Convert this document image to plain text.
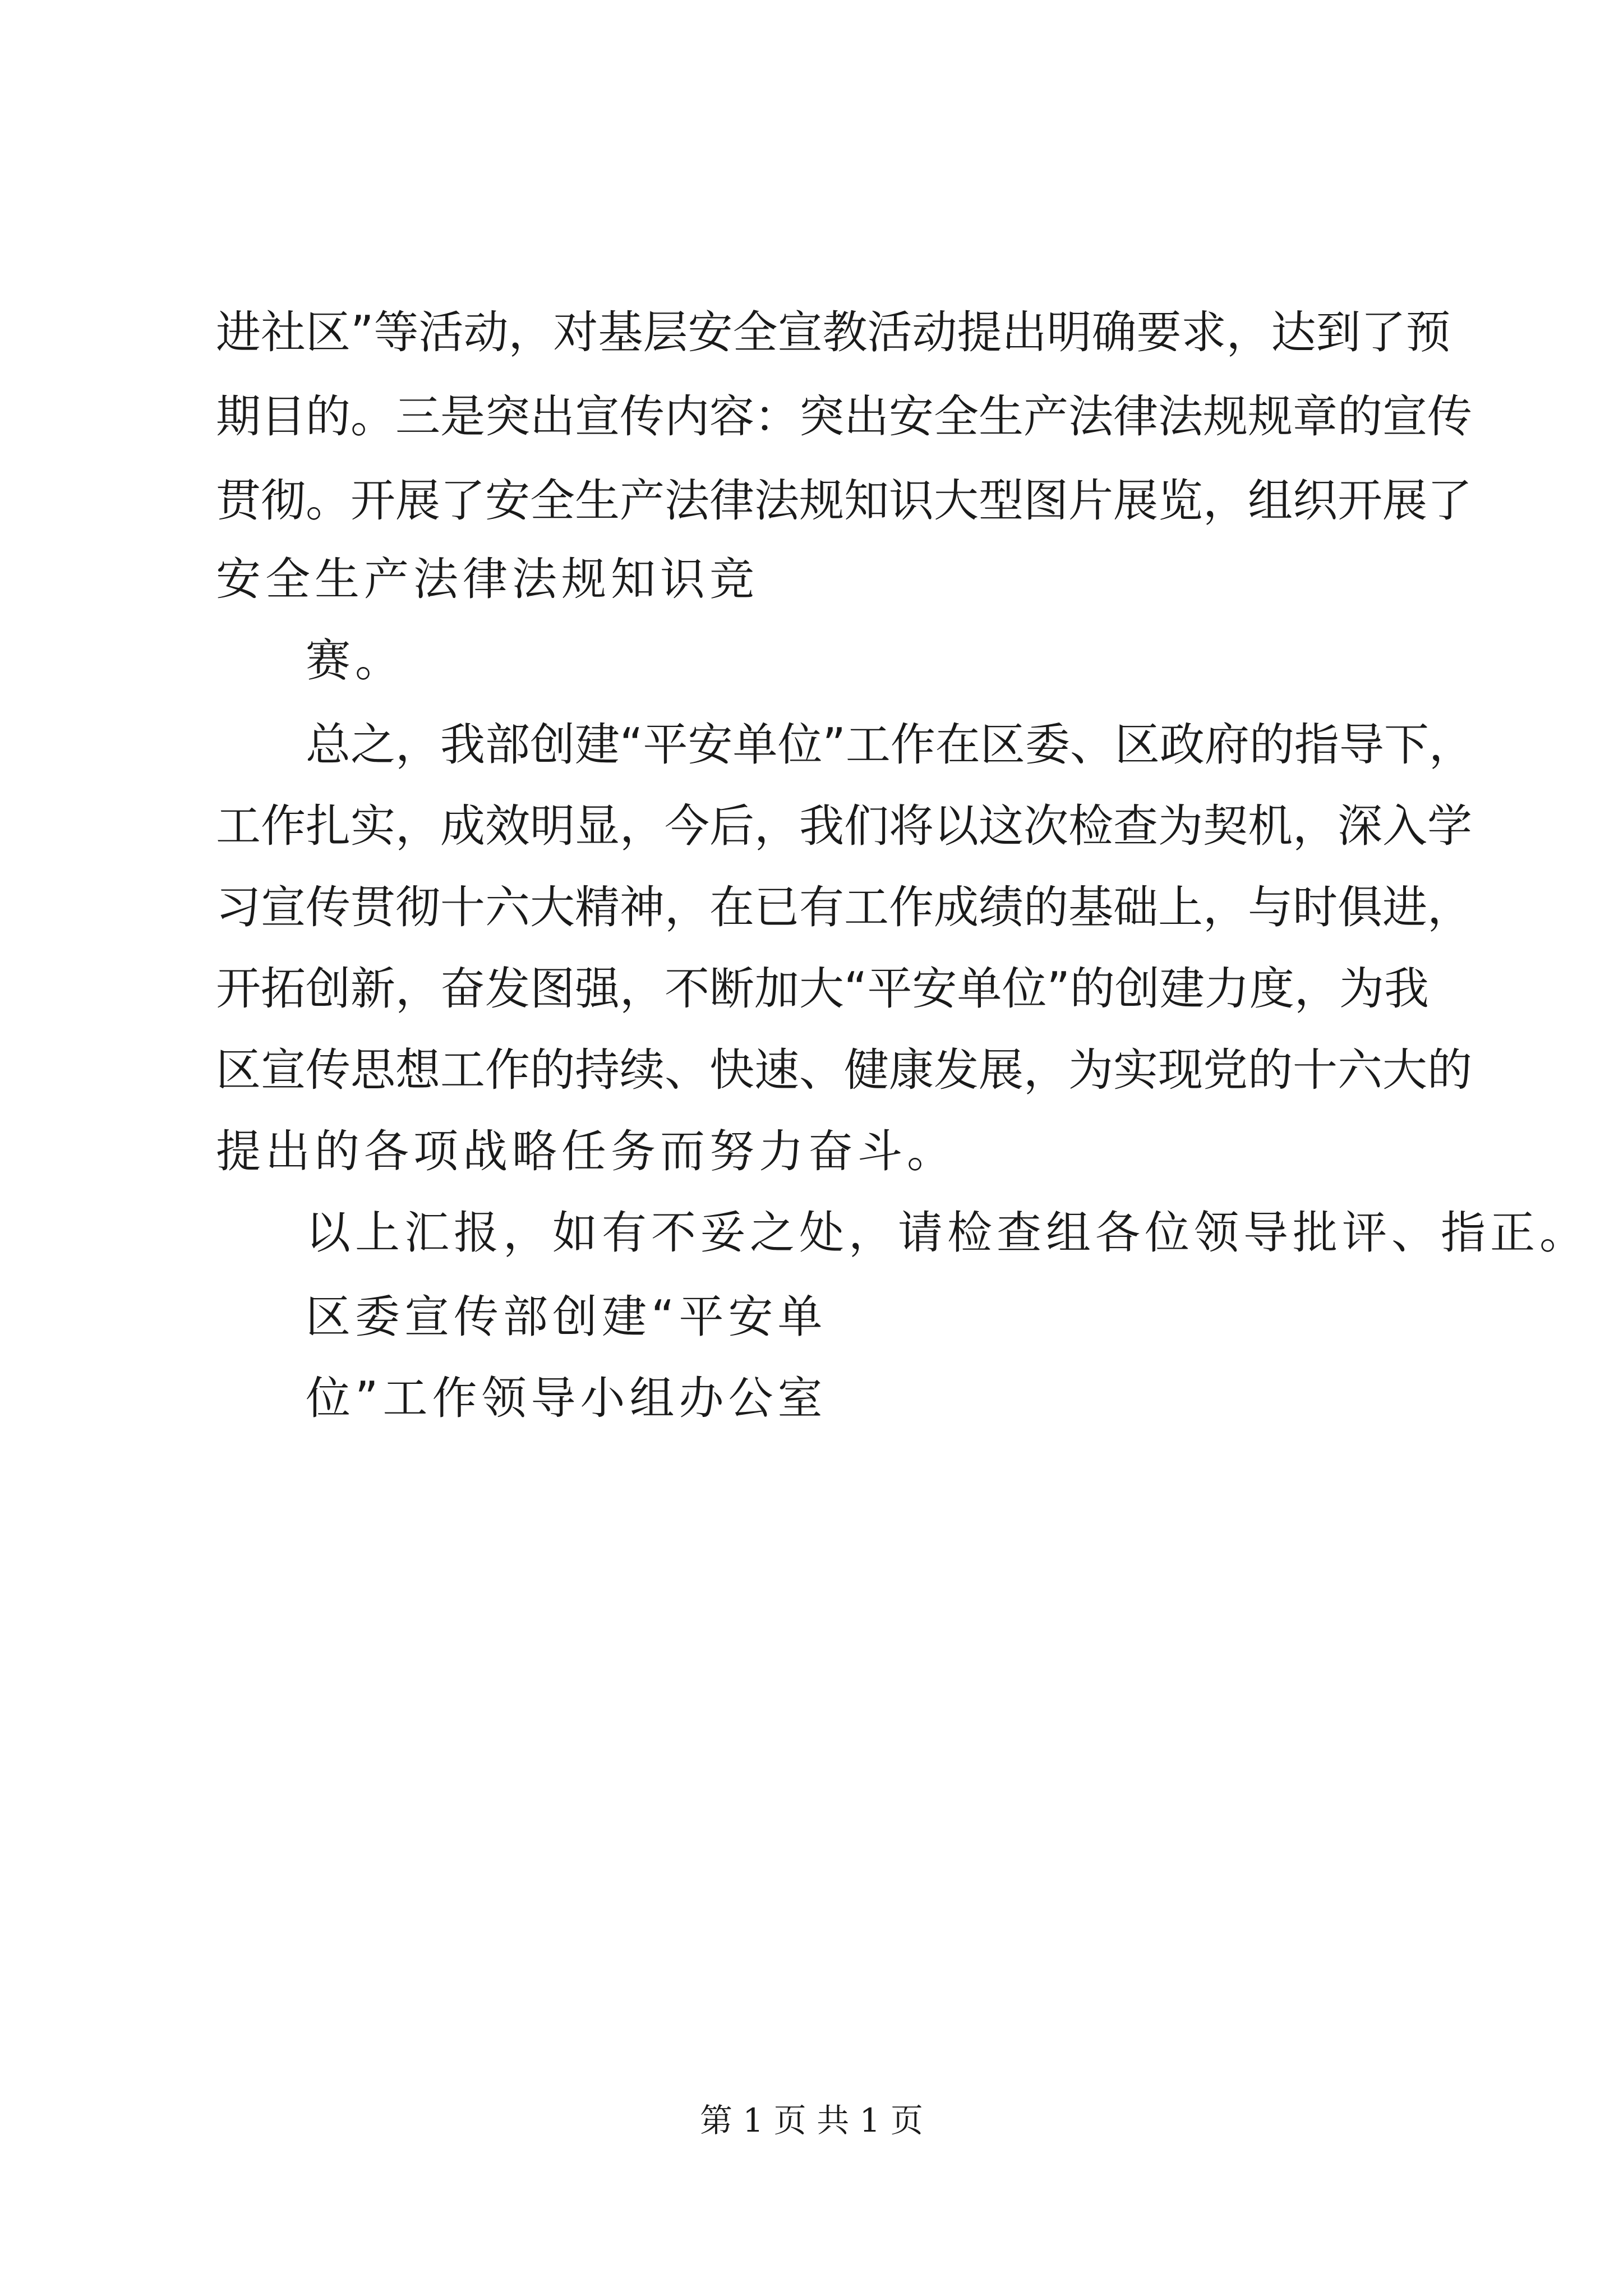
进社区”等活动，对基层安全宣教活动提出明确要求，达到了预
期目的。三是突出宣传内容：突出安全生产法律法规规章的宣传
贯彻。开展了安全生产法律法规知识大型图片展览，组织开展了
安全生产法律法规知识竞
赛。
总之，我部创建“平安单位”工作在区委、区政府的指导下，
工作扎实，成效明显，今后，我们将以这次检查为契机，深入学
习宣传贯彻十六大精神，在已有工作成绩的基础上，与时俱进，
开拓创新，奋发图强，不断加大“平安单位”的创建力度，为我
区宣传思想工作的持续、快速、健康发展，为实现党的十六大的
提出的各项战略任务而努力奋斗。
以上汇报，如有不妥之处，请检查组各位领导批评、指正。
区委宣传部创建“平安单
位”工作领导小组办公室
第 1 页 共 1 页
